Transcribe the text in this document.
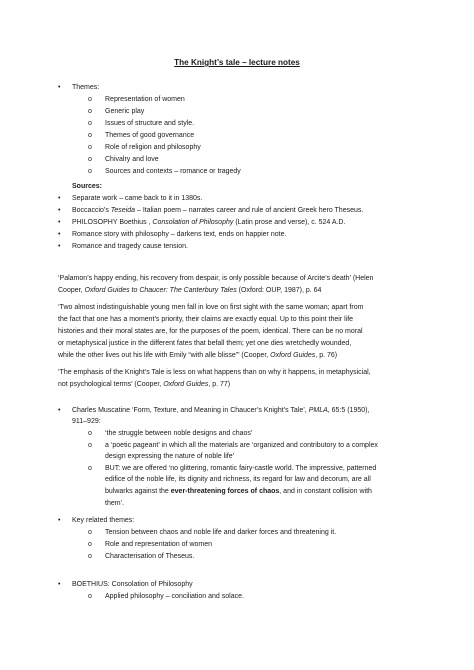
The Knight’s tale – lecture notes
• Themes:
o Representation of women
o Generic play
o Issues of structure and style.
o Themes of good governance
o Role of religion and philosophy
o Chivalry and love
o Sources and contexts – romance or tragedy
Sources:
• Separate work – came back to it in 1380s.
• Boccaccio’s Teseida – Italian poem – narrates career and rule of ancient Greek hero Theseus.
• PHILOSOPHY Boethius , Consolation of Philosophy (Latin prose and verse), c. 524 A.D.
• Romance story with philosophy – darkens text, ends on happier note.
• Romance and tragedy cause tension.
‘Palamon’s happy ending, his recovery from despair, is only possible because of Arcite’s death’ (Helen
Cooper, Oxford Guides to Chaucer: The Canterbury Tales (Oxford: OUP, 1987), p. 64
‘Two almost indistinguishable young men fall in love on first sight with the same woman; apart from
the fact that one has a moment’s priority, their claims are exactly equal. Up to this point their life
histories and their moral states are, for the purposes of the poem, identical. There can be no moral
or metaphysical justice in the different fates that befall them; yet one dies wretchedly wounded,
while the other lives out his life with Emily “with alle blisse”’ (Cooper, Oxford Guides, p. 76)
‘The emphasis of the Knight’s Tale is less on what happens than on why it happens, in metaphysicial,
not psychological terms’ (Cooper, Oxford Guides, p. 77)
• Charles Muscatine ‘Form, Texture, and Meaning in Chaucer’s Knight’s Tale’, PMLA, 65:5 (1950),
911–929:
o ‘the struggle between noble designs and chaos’
o a ‘poetic pageant’ in which all the materials are ‘organized and contributory to a complex
design expressing the nature of noble life’
o BUT: we are offered ‘no glittering, romantic fairy-castle world. The impressive, patterned
edifice of the noble life, its dignity and richness, its regard for law and decorum, are all
bulwarks against the ever-threatening forces of chaos, and in constant collision with
them’.
• Key related themes:
o Tension between chaos and noble life and darker forces and threatening it.
o Role and representation of women
o Characterisation of Theseus.
• BOETHIUS: Consolation of Philosophy
o Applied philosophy – conciliation and solace.
